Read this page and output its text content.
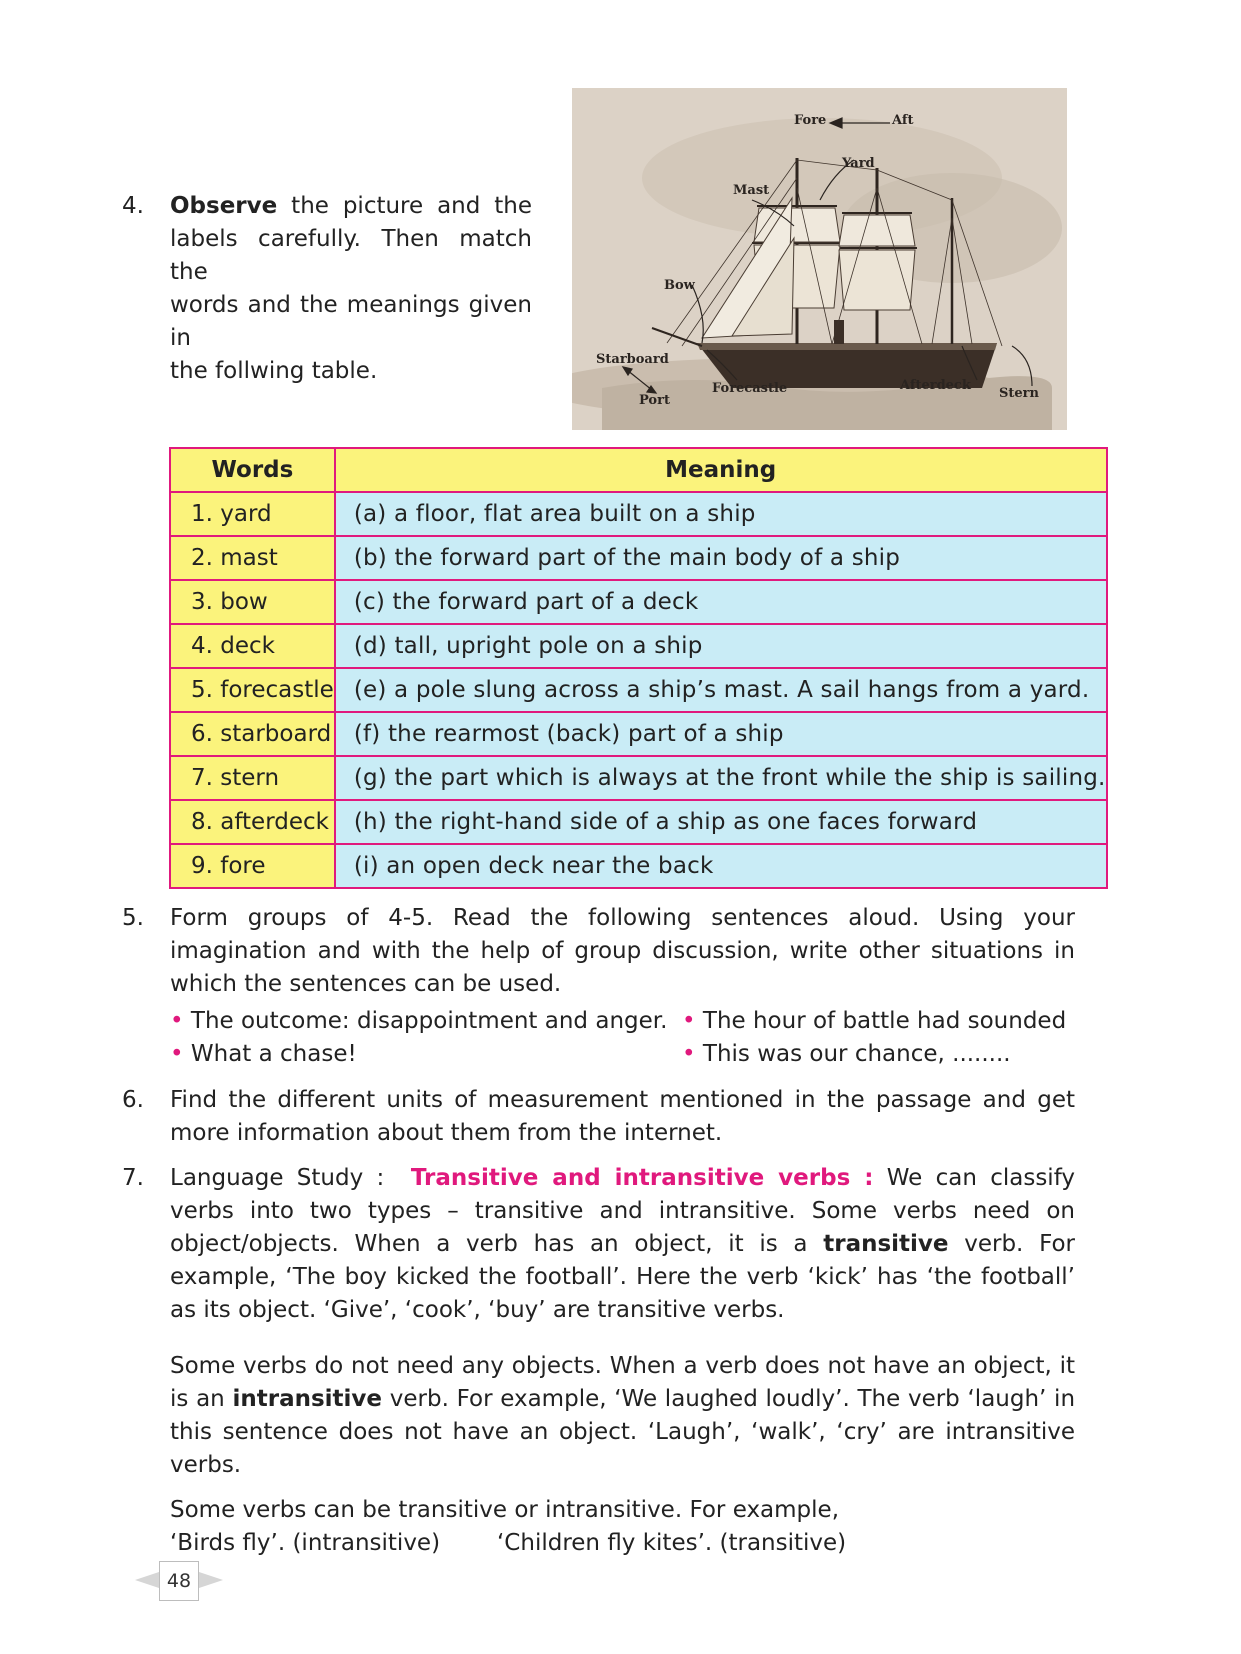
4. Observe the picture and the
labels carefully. Then match the
words and the meanings given in
the follwing table.
Fore	Aft
Yard
Mast
Bow
Starboard
Port
Forecastle	Afterdeck
Stern
Words	Meaning
1. yard	(a) a floor, flat area built on a ship
2. mast	(b) the forward part of the main body of a ship
3. bow	(c) the forward part of a deck
4. deck	(d) tall, upright pole on a ship
5. forecastle	(e) a pole slung across a ship’s mast. A sail hangs from a yard.
6. starboard	(f) the rearmost (back) part of a ship
7. stern	(g) the part which is always at the front while the ship is sailing.
8. afterdeck	(h) the right-hand side of a ship as one faces forward
9. fore	(i) an open deck near the back
5. Form groups of 4-5. Read the following sentences aloud. Using your imagination and with the help of group discussion, write other situations in which the sentences can be used.
• The outcome: disappointment and anger. • The hour of battle had sounded
• What a chase!	• This was our chance, ........
6. Find the different units of measurement mentioned in the passage and get more information about them from the internet.
7. Language Study : Transitive and intransitive verbs : We can classify verbs into two types – transitive and intransitive. Some verbs need on object/objects. When a verb has an object, it is a transitive verb. For example, ‘The boy kicked the football’. Here the verb ‘kick’ has ‘the football’ as its object. ‘Give’, ‘cook’, ‘buy’ are transitive verbs.
Some verbs do not need any objects. When a verb does not have an object, it is an intransitive verb. For example, ‘We laughed loudly’. The verb ‘laugh’ in this sentence does not have an object. ‘Laugh’, ‘walk’, ‘cry’ are intransitive verbs.
Some verbs can be transitive or intransitive. For example,
‘Birds fly’. (intransitive) ‘Children fly kites’. (transitive)
48
